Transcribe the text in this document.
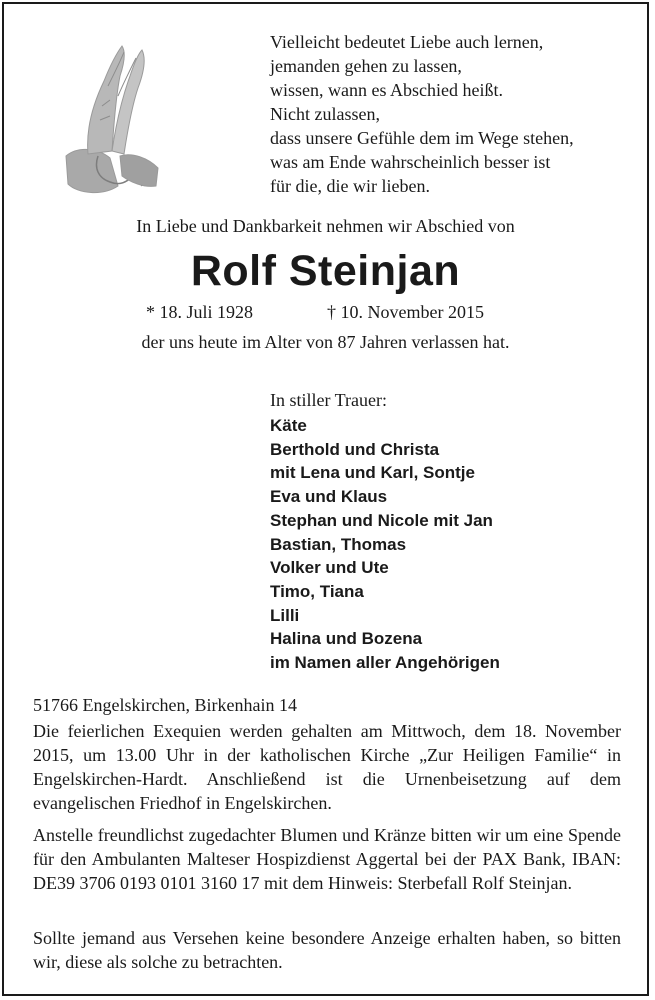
Vielleicht bedeutet Liebe auch lernen,
jemanden gehen zu lassen,
wissen, wann es Abschied heißt.
Nicht zulassen,
dass unsere Gefühle dem im Wege stehen,
was am Ende wahrscheinlich besser ist
für die, die wir lieben.
In Liebe und Dankbarkeit nehmen wir Abschied von
Rolf Steinjan
* 18. Juli 1928	† 10. November 2015
der uns heute im Alter von 87 Jahren verlassen hat.
In stiller Trauer:
Käte
Berthold und Christa
mit Lena und Karl, Sontje
Eva und Klaus
Stephan und Nicole mit Jan
Bastian, Thomas
Volker und Ute
Timo, Tiana
Lilli
Halina und Bozena
im Namen aller Angehörigen
51766 Engelskirchen, Birkenhain 14
Die feierlichen Exequien werden gehalten am Mittwoch, dem 18. November 2015, um 13.00 Uhr in der katholischen Kirche „Zur Heiligen Familie“ in Engelskirchen-Hardt. Anschließend ist die Urnenbeisetzung auf dem evangelischen Friedhof in Engelskirchen.
Anstelle freundlichst zugedachter Blumen und Kränze bitten wir um eine Spende für den Ambulanten Malteser Hospizdienst Aggertal bei der PAX Bank, IBAN: DE39 3706 0193 0101 3160 17 mit dem Hinweis: Sterbefall Rolf Steinjan.
Sollte jemand aus Versehen keine besondere Anzeige erhalten haben, so bitten wir, diese als solche zu betrachten.
